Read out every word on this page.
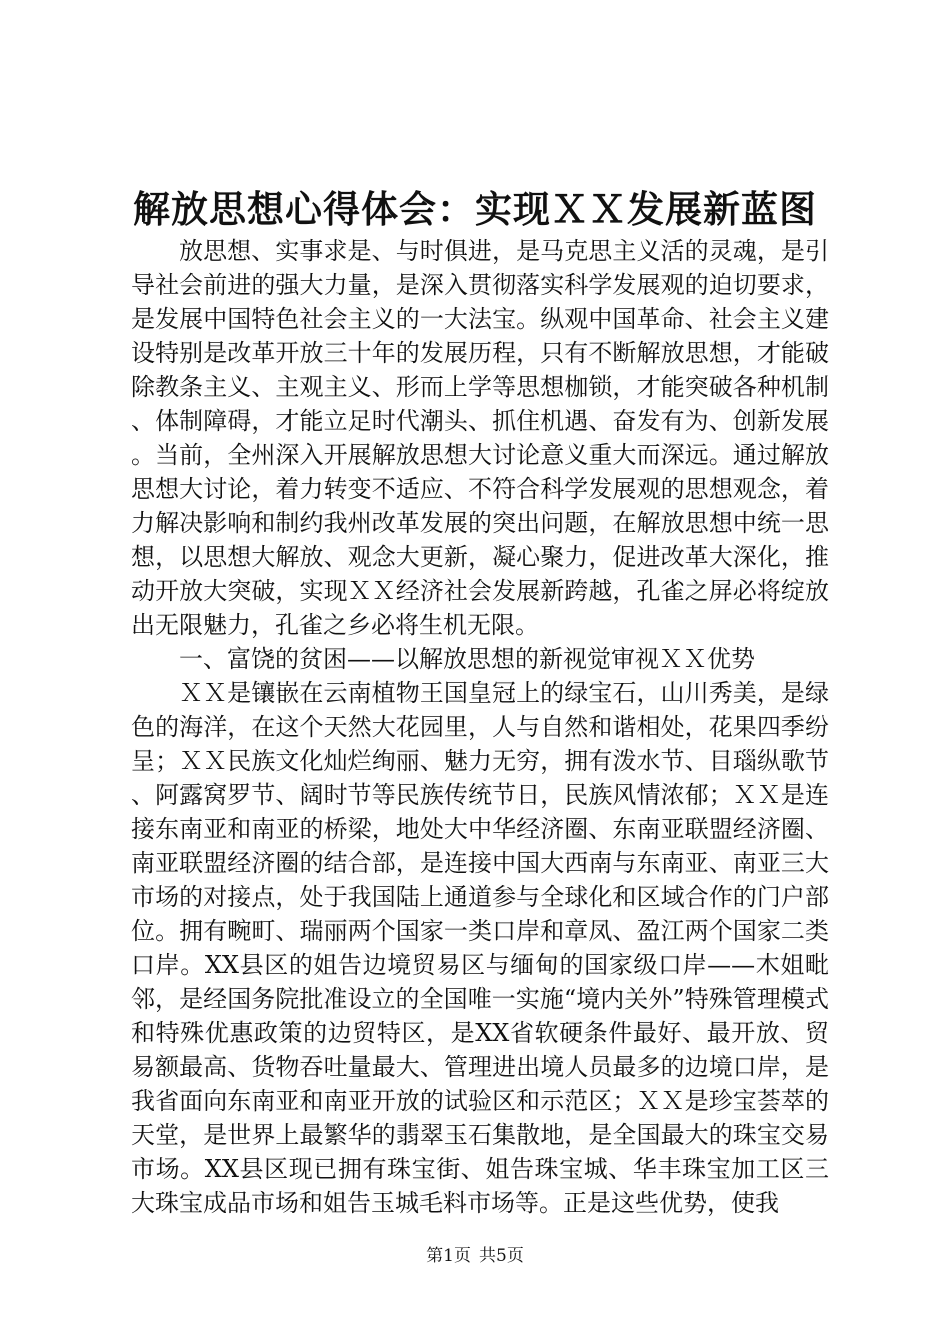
解放思想心得体会：实现ＸＸ发展新蓝图

放思想、实事求是、与时俱进，是马克思主义活的灵魂，是引导社会前进的强大力量，是深入贯彻落实科学发展观的迫切要求，是发展中国特色社会主义的一大法宝。纵观中国革命、社会主义建设特别是改革开放三十年的发展历程，只有不断解放思想，才能破除教条主义、主观主义、形而上学等思想枷锁，才能突破各种机制、体制障碍，才能立足时代潮头、抓住机遇、奋发有为、创新发展。当前，全州深入开展解放思想大讨论意义重大而深远。通过解放思想大讨论，着力转变不适应、不符合科学发展观的思想观念，着力解决影响和制约我州改革发展的突出问题，在解放思想中统一思想，以思想大解放、观念大更新，凝心聚力，促进改革大深化，推动开放大突破，实现ＸＸ经济社会发展新跨越，孔雀之屏必将绽放出无限魅力，孔雀之乡必将生机无限。

一、富饶的贫困——以解放思想的新视觉审视ＸＸ优势

ＸＸ是镶嵌在云南植物王国皇冠上的绿宝石，山川秀美，是绿色的海洋，在这个天然大花园里，人与自然和谐相处，花果四季纷呈；ＸＸ民族文化灿烂绚丽、魅力无穷，拥有泼水节、目瑙纵歌节、阿露窝罗节、阔时节等民族传统节日，民族风情浓郁；ＸＸ是连接东南亚和南亚的桥梁，地处大中华经济圈、东南亚联盟经济圈、南亚联盟经济圈的结合部，是连接中国大西南与东南亚、南亚三大市场的对接点，处于我国陆上通道参与全球化和区域合作的门户部位。拥有畹町、瑞丽两个国家一类口岸和章凤、盈江两个国家二类口岸。XX县区的姐告边境贸易区与缅甸的国家级口岸——木姐毗邻，是经国务院批准设立的全国唯一实施“境内关外”特殊管理模式和特殊优惠政策的边贸特区，是XX省软硬条件最好、最开放、贸易额最高、货物吞吐量最大、管理进出境人员最多的边境口岸，是我省面向东南亚和南亚开放的试验区和示范区；ＸＸ是珍宝荟萃的天堂，是世界上最繁华的翡翠玉石集散地，是全国最大的珠宝交易市场。XX县区现已拥有珠宝街、姐告珠宝城、华丰珠宝加工区三大珠宝成品市场和姐告玉城毛料市场等。正是这些优势，使我

第1页 共5页
